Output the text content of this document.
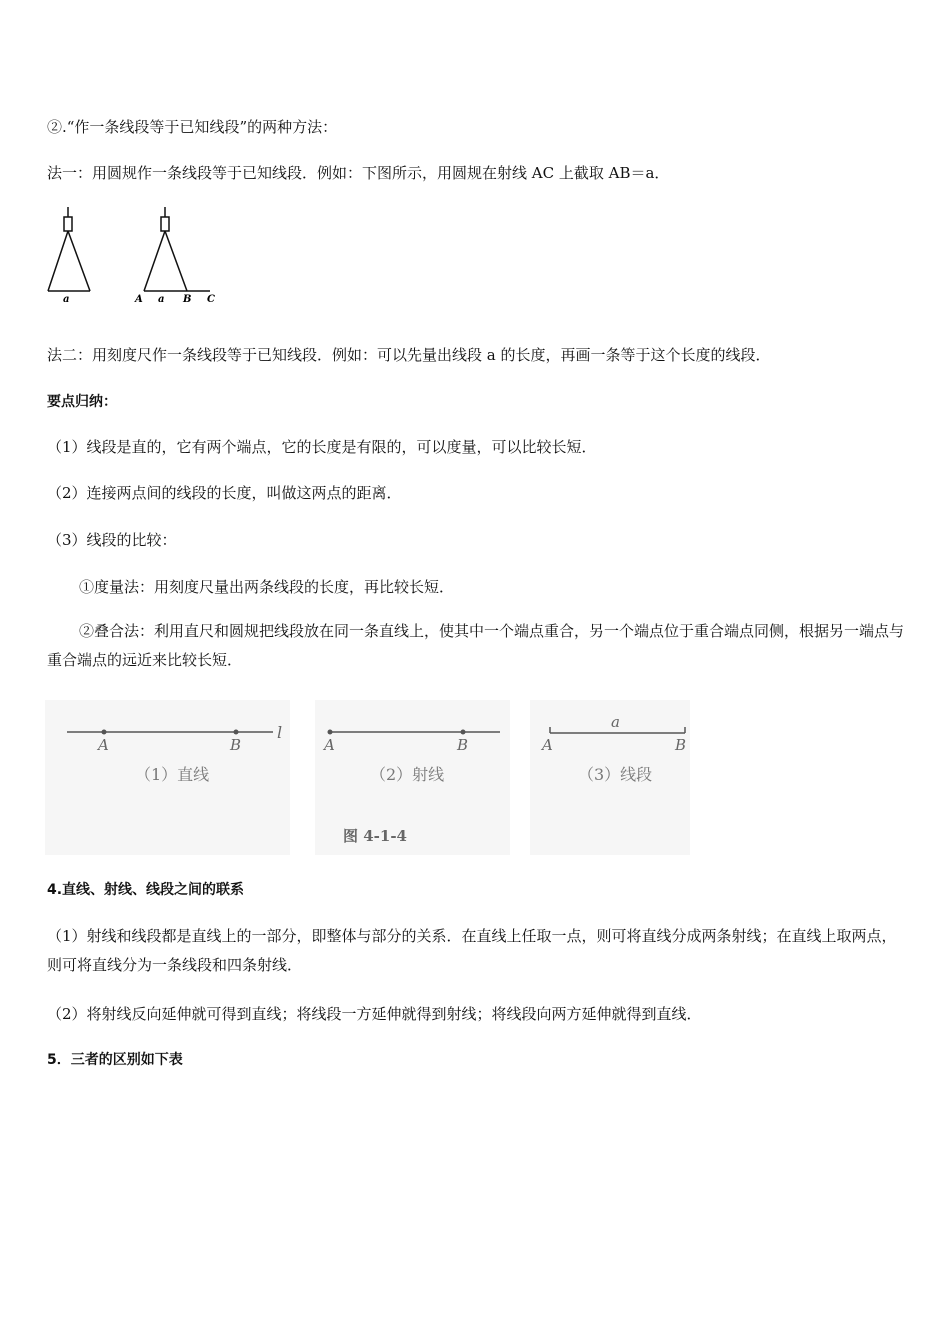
②.“作一条线段等于已知线段”的两种方法：
法一：用圆规作一条线段等于已知线段．例如：下图所示，用圆规在射线 AC 上截取 AB＝a．
a	A a B C
法二：用刻度尺作一条线段等于已知线段．例如：可以先量出线段 a 的长度，再画一条等于这个长度的线段．
要点归纳：
（1）线段是直的，它有两个端点，它的长度是有限的，可以度量，可以比较长短．
（2）连接两点间的线段的长度，叫做这两点的距离．
（3）线段的比较：
①度量法：用刻度尺量出两条线段的长度，再比较长短．
②叠合法：利用直尺和圆规把线段放在同一条直线上，使其中一个端点重合，另一个端点位于重合端点同侧，根据另一端点与重合端点的远近来比较长短．
A	B
l
（1）直线
A	B
（2）射线
a
A	B
（3）线段
图 4-1-4
4.直线、射线、线段之间的联系
（1）射线和线段都是直线上的一部分，即整体与部分的关系．在直线上任取一点，则可将直线分成两条射线；在直线上取两点，则可将直线分为一条线段和四条射线．
（2）将射线反向延伸就可得到直线；将线段一方延伸就得到射线；将线段向两方延伸就得到直线．
5．三者的区别如下表
